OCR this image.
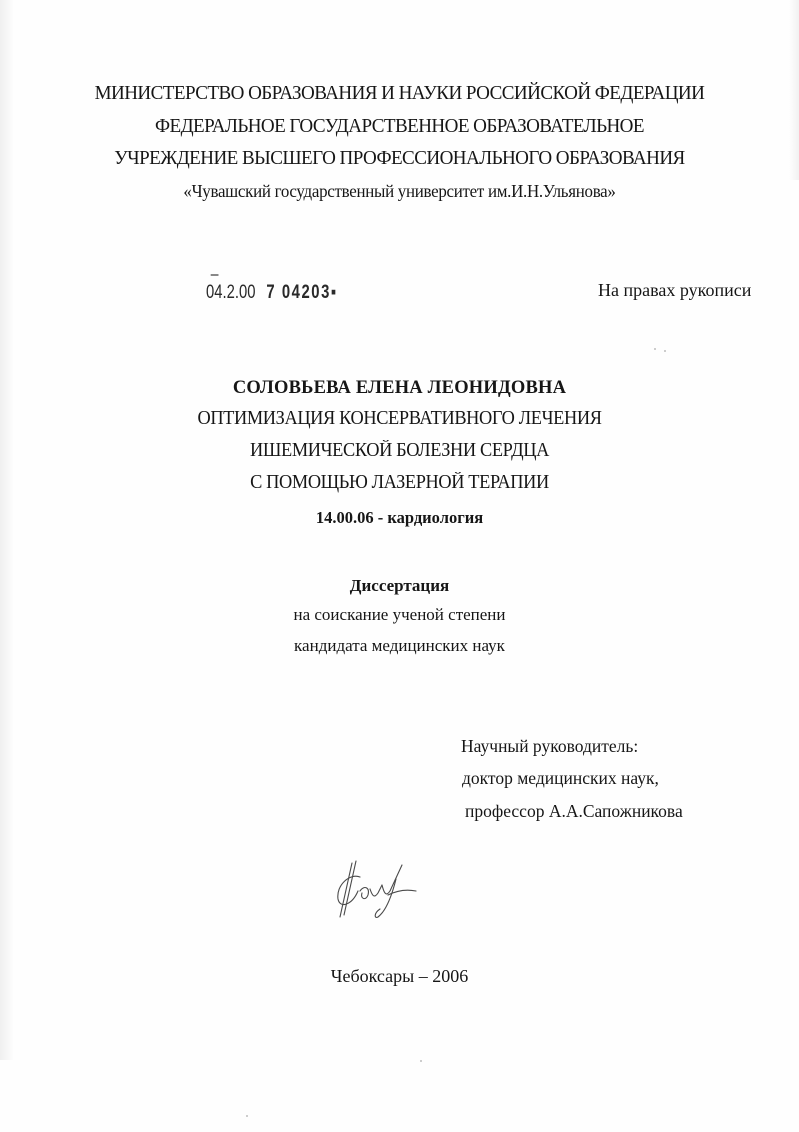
МИНИСТЕРСТВО ОБРАЗОВАНИЯ И НАУКИ РОССИЙСКОЙ ФЕДЕРАЦИИ
ФЕДЕРАЛЬНОЕ ГОСУДАРСТВЕННОЕ ОБРАЗОВАТЕЛЬНОЕ
УЧРЕЖДЕНИЕ ВЫСШЕГО ПРОФЕССИОНАЛЬНОГО ОБРАЗОВАНИЯ
«Чувашский государственный университет им.И.Н.Ульянова»
04.2.00 7 04203▪	На правах рукописи
СОЛОВЬЕВА ЕЛЕНА ЛЕОНИДОВНА
ОПТИМИЗАЦИЯ КОНСЕРВАТИВНОГО ЛЕЧЕНИЯ
ИШЕМИЧЕСКОЙ БОЛЕЗНИ СЕРДЦА
С ПОМОЩЬЮ ЛАЗЕРНОЙ ТЕРАПИИ
14.00.06 - кардиология
Диссертация
на соискание ученой степени
кандидата медицинских наук
Научный руководитель:
доктор медицинских наук,
профессор А.А.Сапожникова
Чебоксары – 2006
